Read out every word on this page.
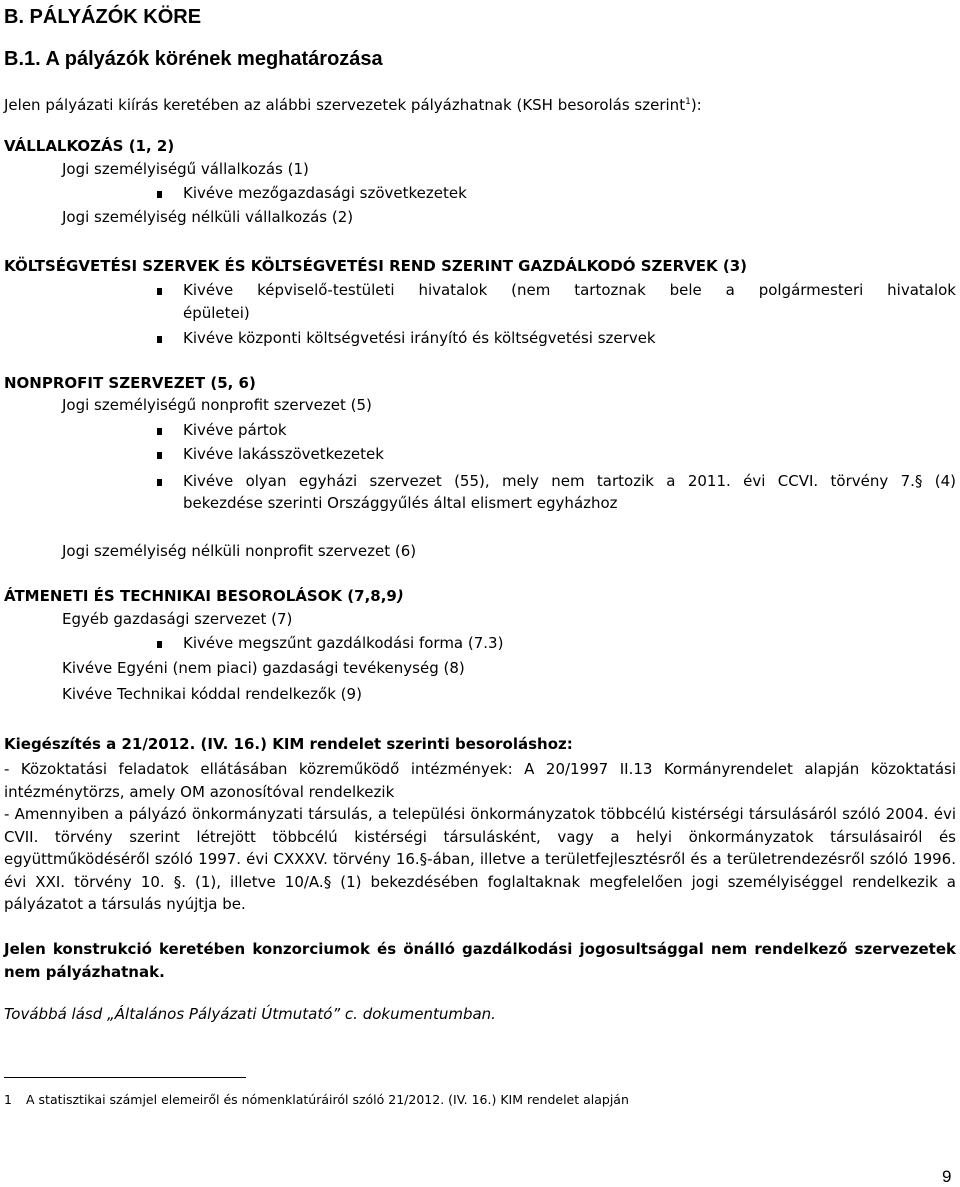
B. PÁLYÁZÓK KÖRE
B.1. A pályázók körének meghatározása
Jelen pályázati kiírás keretében az alábbi szervezetek pályázhatnak (KSH besorolás szerint$^1$):
VÁLLALKOZÁS (1, 2)
Jogi személyiségű vállalkozás (1)
Kivéve mezőgazdasági szövetkezetek
Jogi személyiség nélküli vállalkozás (2)
KÖLTSÉGVETÉSI SZERVEK ÉS KÖLTSÉGVETÉSI REND SZERINT GAZDÁLKODÓ SZERVEK (3)
Kivéve képviselő-testületi hivatalok (nem tartoznak bele a polgármesteri hivatalok
épületei)
Kivéve központi költségvetési irányító és költségvetési szervek
NONPROFIT SZERVEZET (5, 6)
Jogi személyiségű nonprofit szervezet (5)
Kivéve pártok
Kivéve lakásszövetkezetek
Kivéve olyan egyházi szervezet (55), mely nem tartozik a 2011. évi CCVI. törvény 7.§ (4)
bekezdése szerinti Országgyűlés által elismert egyházhoz
Jogi személyiség nélküli nonprofit szervezet (6)
ÁTMENETI ÉS TECHNIKAI BESOROLÁSOK (7,8,9)
Egyéb gazdasági szervezet (7)
Kivéve megszűnt gazdálkodási forma (7.3)
Kivéve Egyéni (nem piaci) gazdasági tevékenység (8)
Kivéve Technikai kóddal rendelkezők (9)
Kiegészítés a 21/2012. (IV. 16.) KIM rendelet szerinti besoroláshoz:
- Közoktatási feladatok ellátásában közreműködő intézmények: A 20/1997 II.13 Kormányrendelet alapján közoktatási intézménytörzs, amely OM azonosítóval rendelkezik
- Amennyiben a pályázó önkormányzati társulás, a települési önkormányzatok többcélú kistérségi társulásáról szóló 2004. évi CVII. törvény szerint létrejött többcélú kistérségi társulásként, vagy a helyi önkormányzatok társulásairól és együttműködéséről szóló 1997. évi CXXXV. törvény 16.§-ában, illetve a területfejlesztésről és a területrendezésről szóló 1996. évi XXI. törvény 10. §. (1), illetve 10/A.§ (1) bekezdésében foglaltaknak megfelelően jogi személyiséggel rendelkezik a pályázatot a társulás nyújtja be.
Jelen konstrukció keretében konzorciumok és önálló gazdálkodási jogosultsággal nem rendelkező szervezetek nem pályázhatnak.
Továbbá lásd „Általános Pályázati Útmutató” c. dokumentumban.
1 A statisztikai számjel elemeiről és nómenklatúráiról szóló 21/2012. (IV. 16.) KIM rendelet alapján
9
